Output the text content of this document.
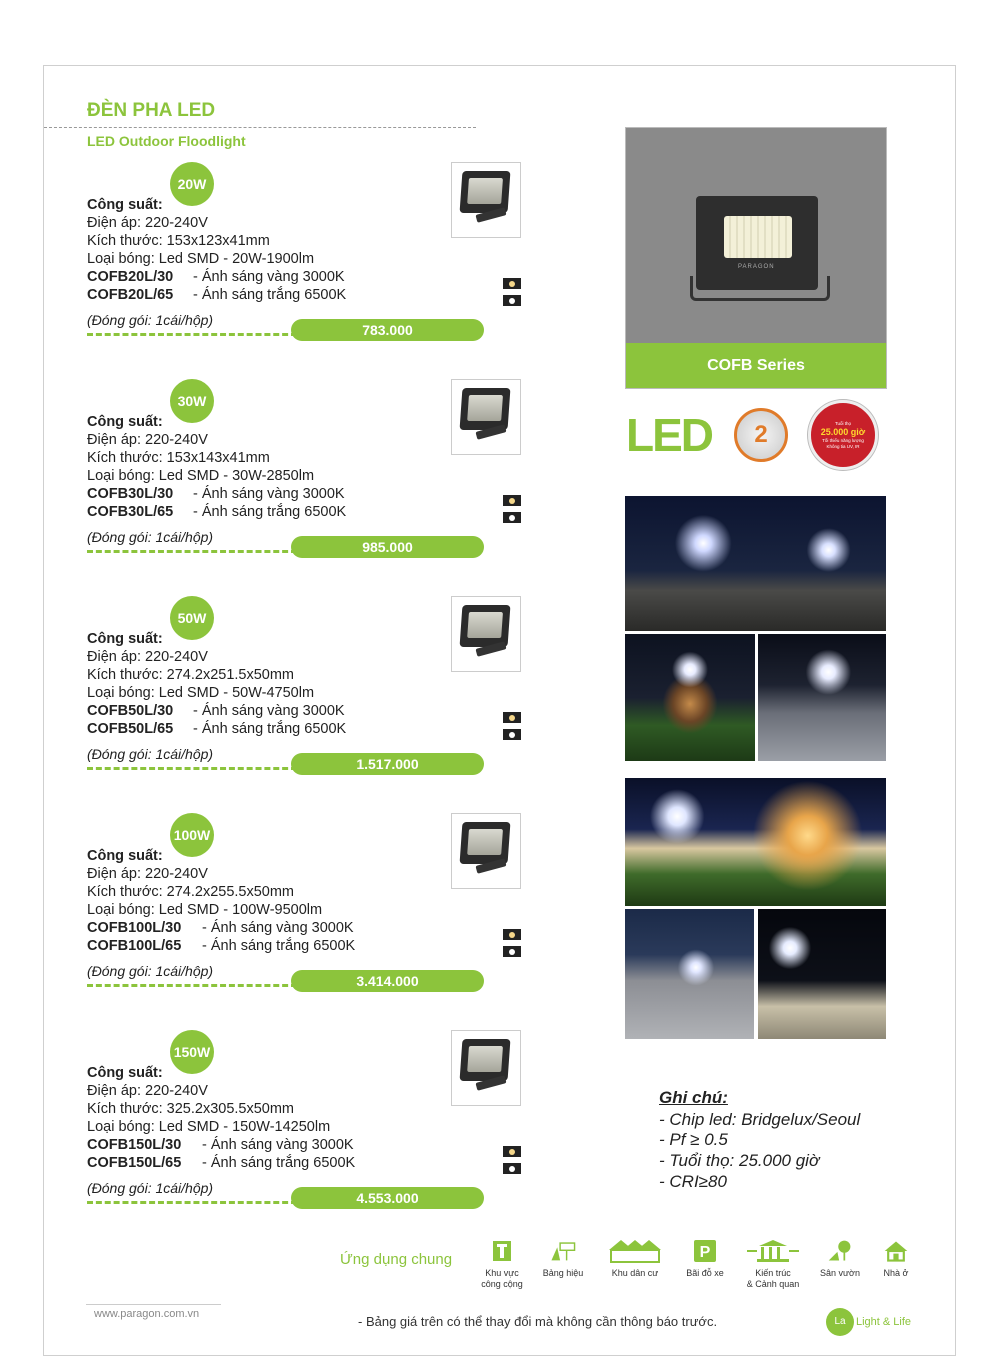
ĐÈN PHA LED
LED Outdoor Floodlight
20W
Công suất:
Điện áp: 220-240V
Kích thước: 153x123x41mm
Loại bóng: Led SMD - 20W-1900lm
COFB20L/30 - Ánh sáng vàng 3000K
COFB20L/65 - Ánh sáng trắng 6500K
(Đóng gói: 1cái/hộp)
783.000
30W
Công suất:
Điện áp: 220-240V
Kích thước: 153x143x41mm
Loại bóng: Led SMD - 30W-2850lm
COFB30L/30 - Ánh sáng vàng 3000K
COFB30L/65 - Ánh sáng trắng 6500K
(Đóng gói: 1cái/hộp)
985.000
50W
Công suất:
Điện áp: 220-240V
Kích thước: 274.2x251.5x50mm
Loại bóng: Led SMD - 50W-4750lm
COFB50L/30 - Ánh sáng vàng 3000K
COFB50L/65 - Ánh sáng trắng 6500K
(Đóng gói: 1cái/hộp)
1.517.000
100W
Công suất:
Điện áp: 220-240V
Kích thước: 274.2x255.5x50mm
Loại bóng: Led SMD - 100W-9500lm
COFB100L/30 - Ánh sáng vàng 3000K
COFB100L/65 - Ánh sáng trắng 6500K
(Đóng gói: 1cái/hộp)
3.414.000
150W
Công suất:
Điện áp: 220-240V
Kích thước: 325.2x305.5x50mm
Loại bóng: Led SMD - 150W-14250lm
COFB150L/30 - Ánh sáng vàng 3000K
COFB150L/65 - Ánh sáng trắng 6500K
(Đóng gói: 1cái/hộp)
4.553.000
PARAGON
COFB Series
LED	2	Tuổi thọ
25.000 giờ
Tối thiểu năng lượng
Không tia UV, IR
Ghi chú:
- Chip led: Bridgelux/Seoul
- Pf ≥ 0.5
- Tuổi thọ: 25.000 giờ
- CRI≥80
Ứng dụng chung
Khu vực
công cộng
Bảng hiệu	Khu dân cư
P
Bãi đỗ xe	Kiến trúc
& Cảnh quan
Sân vườn	Nhà ở
www.paragon.com.vn	- Bảng giá trên có thể thay đổi mà không cần thông báo trước.	La Light & Life
